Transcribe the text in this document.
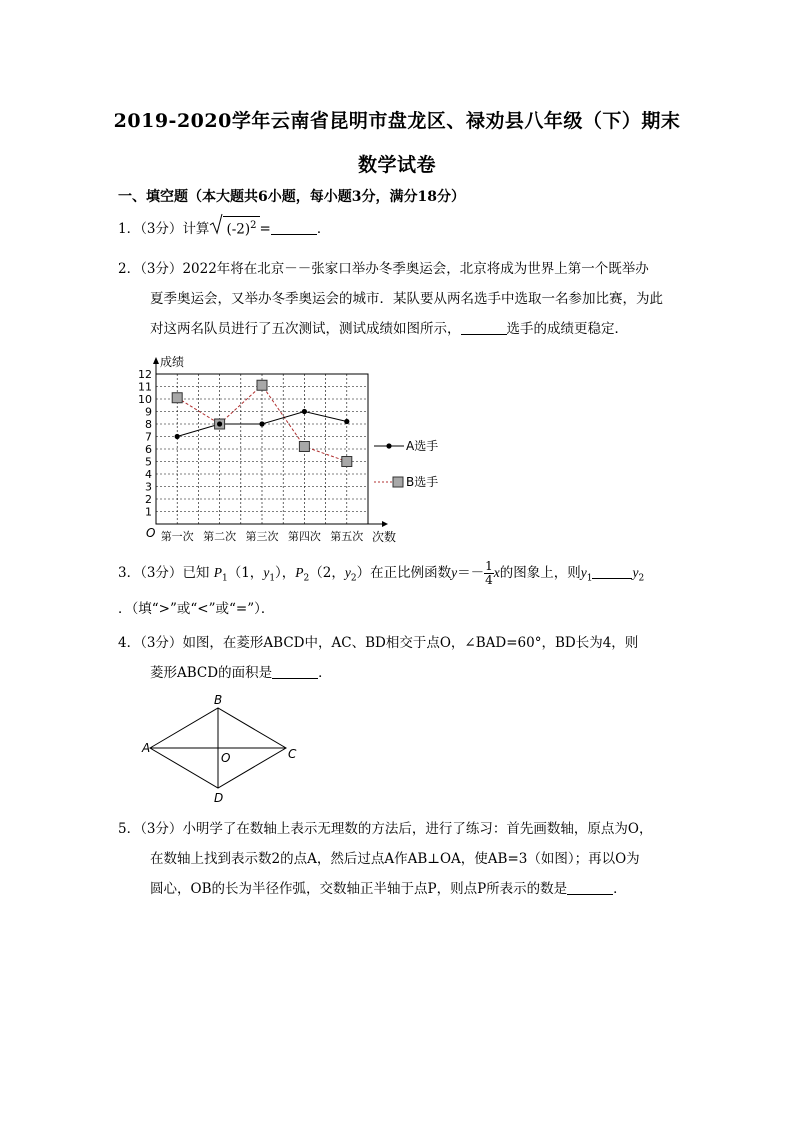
2019-2020学年云南省昆明市盘龙区、禄劝县八年级（下）期末
数学试卷
一、填空题（本大题共6小题，每小题3分，满分18分）

1．（3分）计算 $(-2)^2$ =	．

2．（3分）2022年将在北京－－张家口举办冬季奥运会，北京将成为世界上第一个既举办

夏季奥运会，又举办冬季奥运会的城市．某队要从两名选手中选取一名参加比赛，为此

对这两名队员进行了五次测试，测试成绩如图所示，	选手的成绩更稳定．

成绩
次数
O
1
2
3
4
5
6
7
8
9
10
11
12
第一次 第二次 第三次 第四次 第五次
A选手
B选手

3．（3分）已知 $P_1(1$，$y_1$），$P_2(2$，$y_2$）在正比例函数$y=- \frac{1}{4}$ x的图象上，则$y_1$	$y_2$

．（填“>”或“<”或“=”）．

4．（3分）如图，在菱形ABCD中，AC、BD相交于点O，∠BAD=60°，BD长为4，则

菱形ABCD的面积是	．

A
B
C
D
O

5．（3分）小明学了在数轴上表示无理数的方法后，进行了练习：首先画数轴，原点为O，

在数轴上找到表示数2的点A，然后过点A作AB⊥OA，使AB=3（如图）；再以O为

圆心，OB的长为半径作弧，交数轴正半轴于点P，则点P所表示的数是	．
